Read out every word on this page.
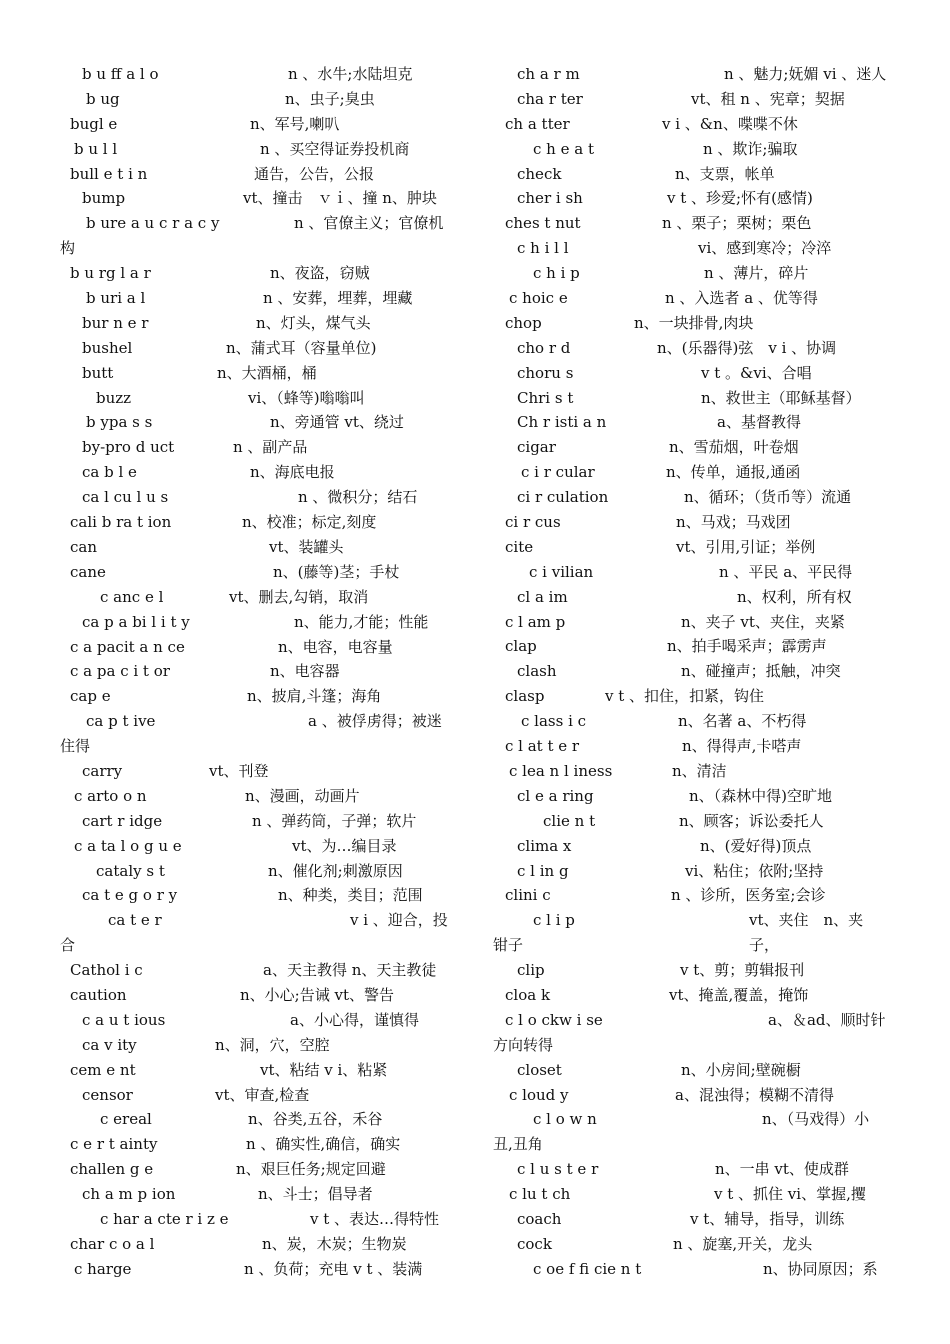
b u ff a l o	n 、水牛;水陆坦克
b ug	n、虫子;臭虫
bugl e	n、军号,喇叭
b u l l	n 、买空得证券投机商
bull e t i n	通告，公告，公报
bump	vt、撞击　ｖｉ、撞 n、肿块
b ure a u c r a c y	n 、官僚主义；官僚机
构
b u rg l a r	n、夜盗，窃贼
b uri a l	n 、安葬，埋葬，埋藏
bur n e r	n、灯头，煤气头
bushel	n、蒲式耳（容量单位)
butt	n、大酒桶，桶
buzz	vi、（蜂等)嗡嗡叫
b ypa s s	n、旁通管 vt、绕过
by-pro d uct	n 、副产品
ca b l e	n、海底电报
ca l cu l u s	n 、微积分；结石
cali b ra t ion	n、校准；标定,刻度
can	vt、装罐头
cane	n、(藤等)茎；手杖
c anc e l	vt、删去,勾销，取消
ca p a bi l i t y	n、能力,才能；性能
c a pacit a n ce	n、电容，电容量
c a pa c i t or	n、电容器
cap e	n、披肩,斗篷；海角
ca p t ive	a 、被俘虏得；被迷
住得
carry	vt、刊登
c arto o n	n、漫画，动画片
cart r idge	n 、弹药筒，子弹；软片
c a ta l o g u e	vt、为…编目录
cataly s t	n、催化剂;刺激原因
ca t e g o r y	n、种类，类目；范围
ca t e r	v i 、迎合，投
合
Cathol i c	a、天主教得 n、天主教徒
caution	n、小心;告诫 vt、警告
c a u t ious	a、小心得，谨慎得
ca v ity	n、洞，穴，空腔
cem e nt	vt、粘结 v i、粘紧
censor	vt、审查,检查
c ereal	n、谷类,五谷，禾谷
c e r t ainty	n 、确实性,确信，确实
challen g e	n、艰巨任务;规定回避
ch a m p ion	n、斗士；倡导者
c har a cte r i z e	v t 、表达…得特性
char c o a l	n、炭，木炭；生物炭
c harge	n 、负荷；充电 v t 、装满
ch a r m	n 、魅力;妩媚 vi 、迷人
cha r ter	vt、租 n 、宪章；契据
ch a tter	v i 、&n、喋喋不休
c h e a t	n 、欺诈;骗取
check	n、支票，帐单
cher i sh	v t 、珍爱;怀有(感情)
ches t nut	n 、栗子；栗树；栗色
c h i l l	vi、感到寒冷；冷淬
c h i p	n 、薄片，碎片
c hoic e	n 、入选者 a 、优等得
chop	n、一块排骨,肉块
cho r d	n、(乐器得)弦　v i 、协调
choru s	v t 。&vi、合唱
Chri s t	n、救世主（耶稣基督）
Ch r isti a n	a、基督教得
cigar	n、雪茄烟，叶卷烟
c i r cular	n、传单，通报,通函
ci r culation	n、循环；（货币等）流通
ci r cus	n、马戏；马戏团
cite	vt、引用,引证；举例
c i vilian	n 、平民 a、平民得
cl a im	n、权利，所有权
c l am p	n、夹子 vt、夹住，夹紧
clap	n、拍手喝采声；霹雳声
clash	n、碰撞声；抵触，冲突
clasp	v t 、扣住，扣紧，钩住
c lass i c	n、名著 a、不朽得
c l at t e r	n、得得声,卡嗒声
c lea n l iness	n、清洁
cl e a ring	n、（森林中得)空旷地
clie n t	n、顾客；诉讼委托人
clima x	n、(爱好得)顶点
c l in g	vi、粘住；依附;坚持
clini c	n 、诊所，医务室;会诊
c l i p	vt、夹住　n、夹子，
钳子
clip	v t、剪；剪辑报刊
cloa k	vt、掩盖,覆盖，掩饰
c l o ckw i se	a、＆ad、顺时针
方向转得
closet	n、小房间;壁碗橱
c loud y	a、混浊得；模糊不清得
c l o w n	n、（马戏得）小
丑,丑角
c l u s t e r	n、一串 vt、使成群
c lu t ch	v t 、抓住 vi、掌握,攫
coach	v t、辅导，指导，训练
cock	n 、旋塞,开关，龙头
c oe f fi cie n t	n、协同原因；系
